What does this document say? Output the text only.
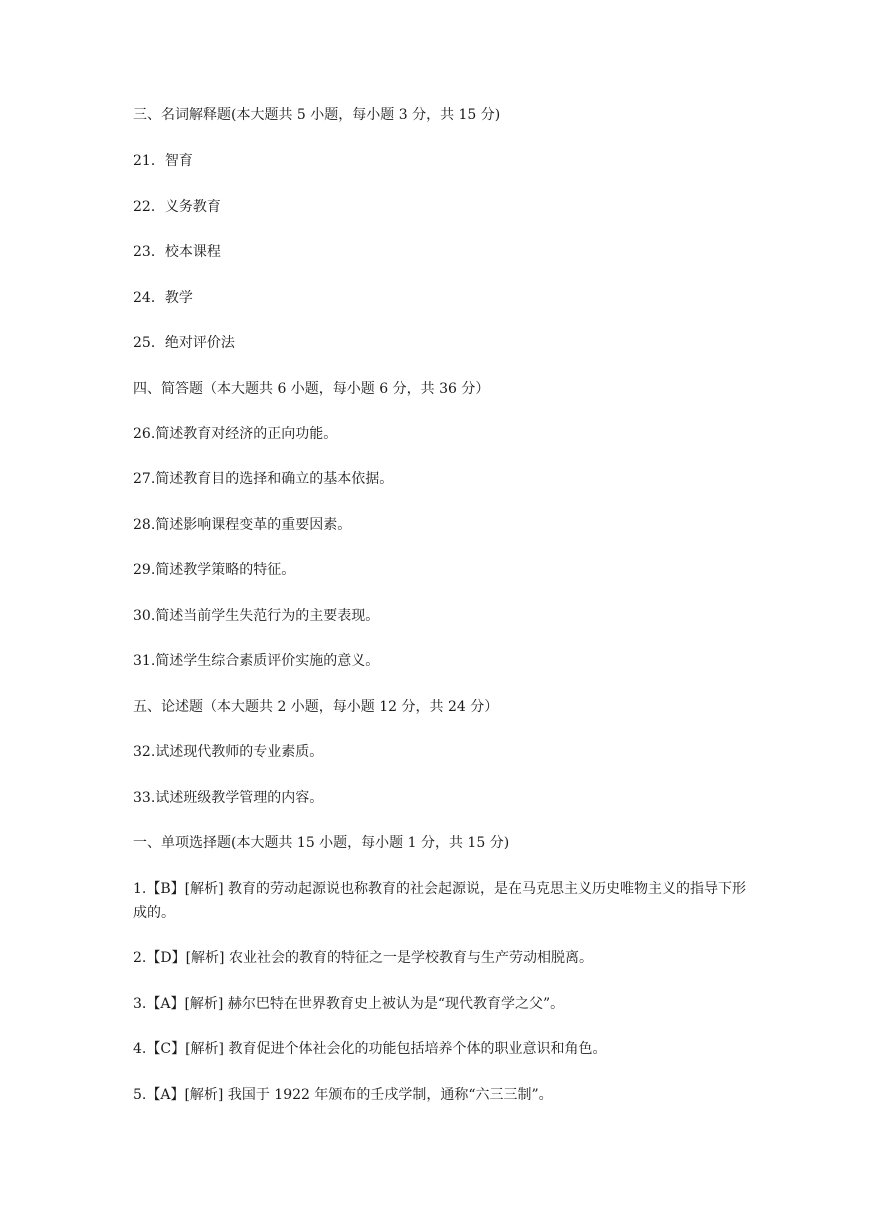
三、名词解释题(本大题共 5 小题，每小题 3 分，共 15 分)
21．智育
22．义务教育
23．校本课程
24．教学
25．绝对评价法
四、简答题（本大题共 6 小题，每小题 6 分，共 36 分）
26.简述教育对经济的正向功能。
27.简述教育目的选择和确立的基本依据。
28.简述影响课程变革的重要因素。
29.简述教学策略的特征。
30.简述当前学生失范行为的主要表现。
31.简述学生综合素质评价实施的意义。
五、论述题（本大题共 2 小题，每小题 12 分，共 24 分）
32.试述现代教师的专业素质。
33.试述班级教学管理的内容。
一、单项选择题(本大题共 15 小题，每小题 1 分，共 15 分)
1.【B】[解析] 教育的劳动起源说也称教育的社会起源说，是在马克思主义历史唯物主义的指导下形成的。
2.【D】[解析] 农业社会的教育的特征之一是学校教育与生产劳动相脱离。
3.【A】[解析] 赫尔巴特在世界教育史上被认为是“现代教育学之父”。
4.【C】[解析] 教育促进个体社会化的功能包括培养个体的职业意识和角色。
5.【A】[解析] 我国于 1922 年颁布的壬戌学制，通称“六三三制”。
